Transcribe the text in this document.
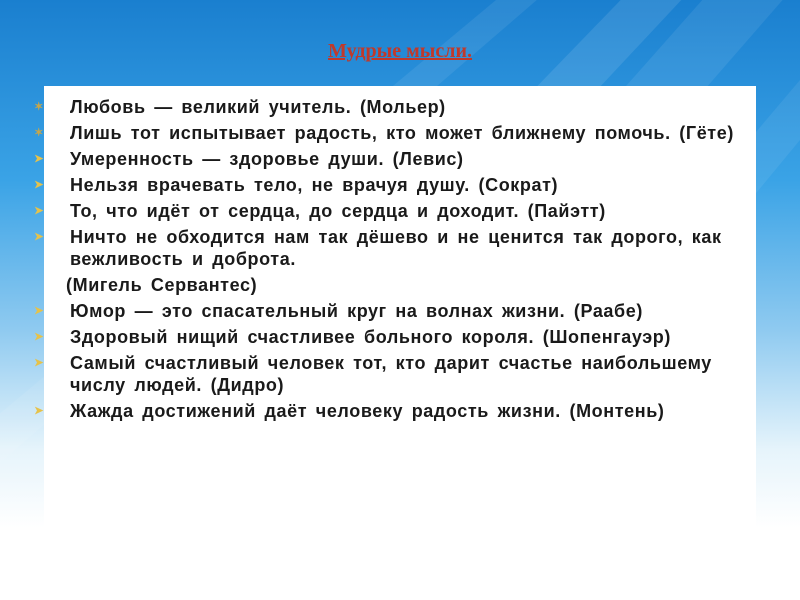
Мудрые мысли.
✶ Любовь — великий учитель. (Мольер)
✶ Лишь тот испытывает радость, кто может ближнему помочь. (Гёте)
➤ Умеренность — здоровье души. (Левис)
➤ Нельзя врачевать тело, не врачуя душу. (Сократ)
➤ То, что идёт от сердца, до сердца и доходит. (Пайэтт)
➤ Ничто не обходится нам так дёшево и не ценится так дорого, как вежливость и доброта.
(Мигель Сервантес)
➤ Юмор — это спасательный круг на волнах жизни. (Раабе)
➤ Здоровый нищий счастливее больного короля. (Шопенгауэр)
➤ Самый счастливый человек тот, кто дарит счастье наибольшему числу людей. (Дидро)
➤ Жажда достижений даёт человеку радость жизни. (Монтень)
